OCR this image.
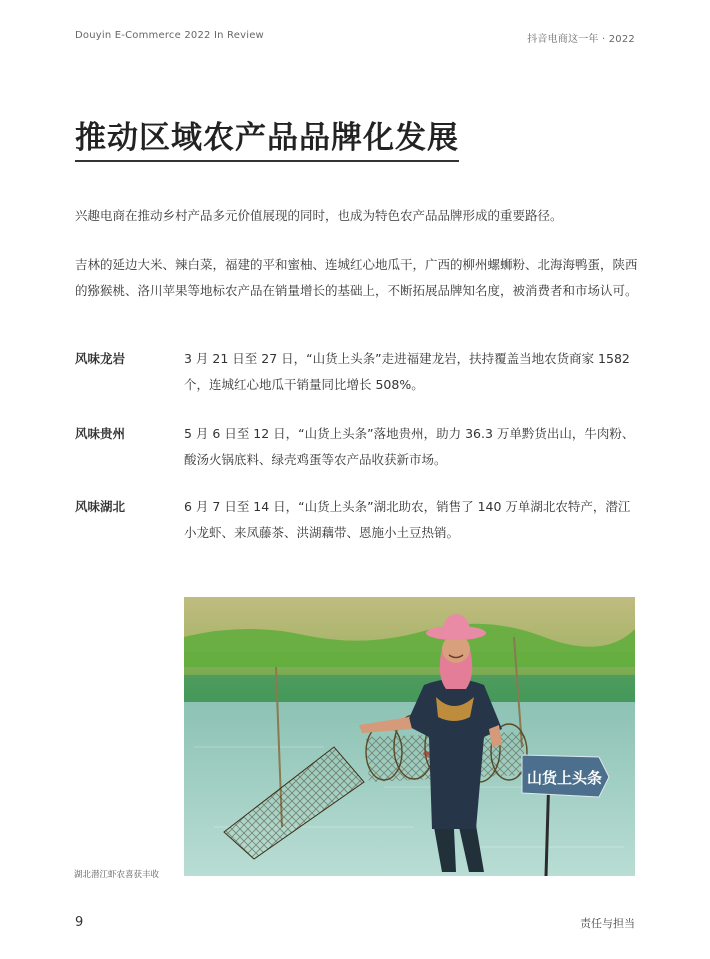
Douyin E-Commerce 2022 In Review	抖音电商这一年 · 2022
推动区域农产品品牌化发展
兴趣电商在推动乡村产品多元价值展现的同时，也成为特色农产品品牌形成的重要路径。
吉林的延边大米、辣白菜，福建的平和蜜柚、连城红心地瓜干，广西的柳州螺蛳粉、北海海鸭蛋，陕西的猕猴桃、洛川苹果等地标农产品在销量增长的基础上，不断拓展品牌知名度，被消费者和市场认可。
风味龙岩	3 月 21 日至 27 日，“山货上头条”走进福建龙岩，扶持覆盖当地农货商家 1582 个，连城红心地瓜干销量同比增长 508%。
风味贵州	5 月 6 日至 12 日，“山货上头条”落地贵州，助力 36.3 万单黔货出山，牛肉粉、酸汤火锅底料、绿壳鸡蛋等农产品收获新市场。
风味湖北	6 月 7 日至 14 日，“山货上头条”湖北助农，销售了 140 万单湖北农特产，潜江小龙虾、来凤藤茶、洪湖藕带、恩施小土豆热销。
山货上头条
湖北潜江虾农喜获丰收
9	责任与担当
